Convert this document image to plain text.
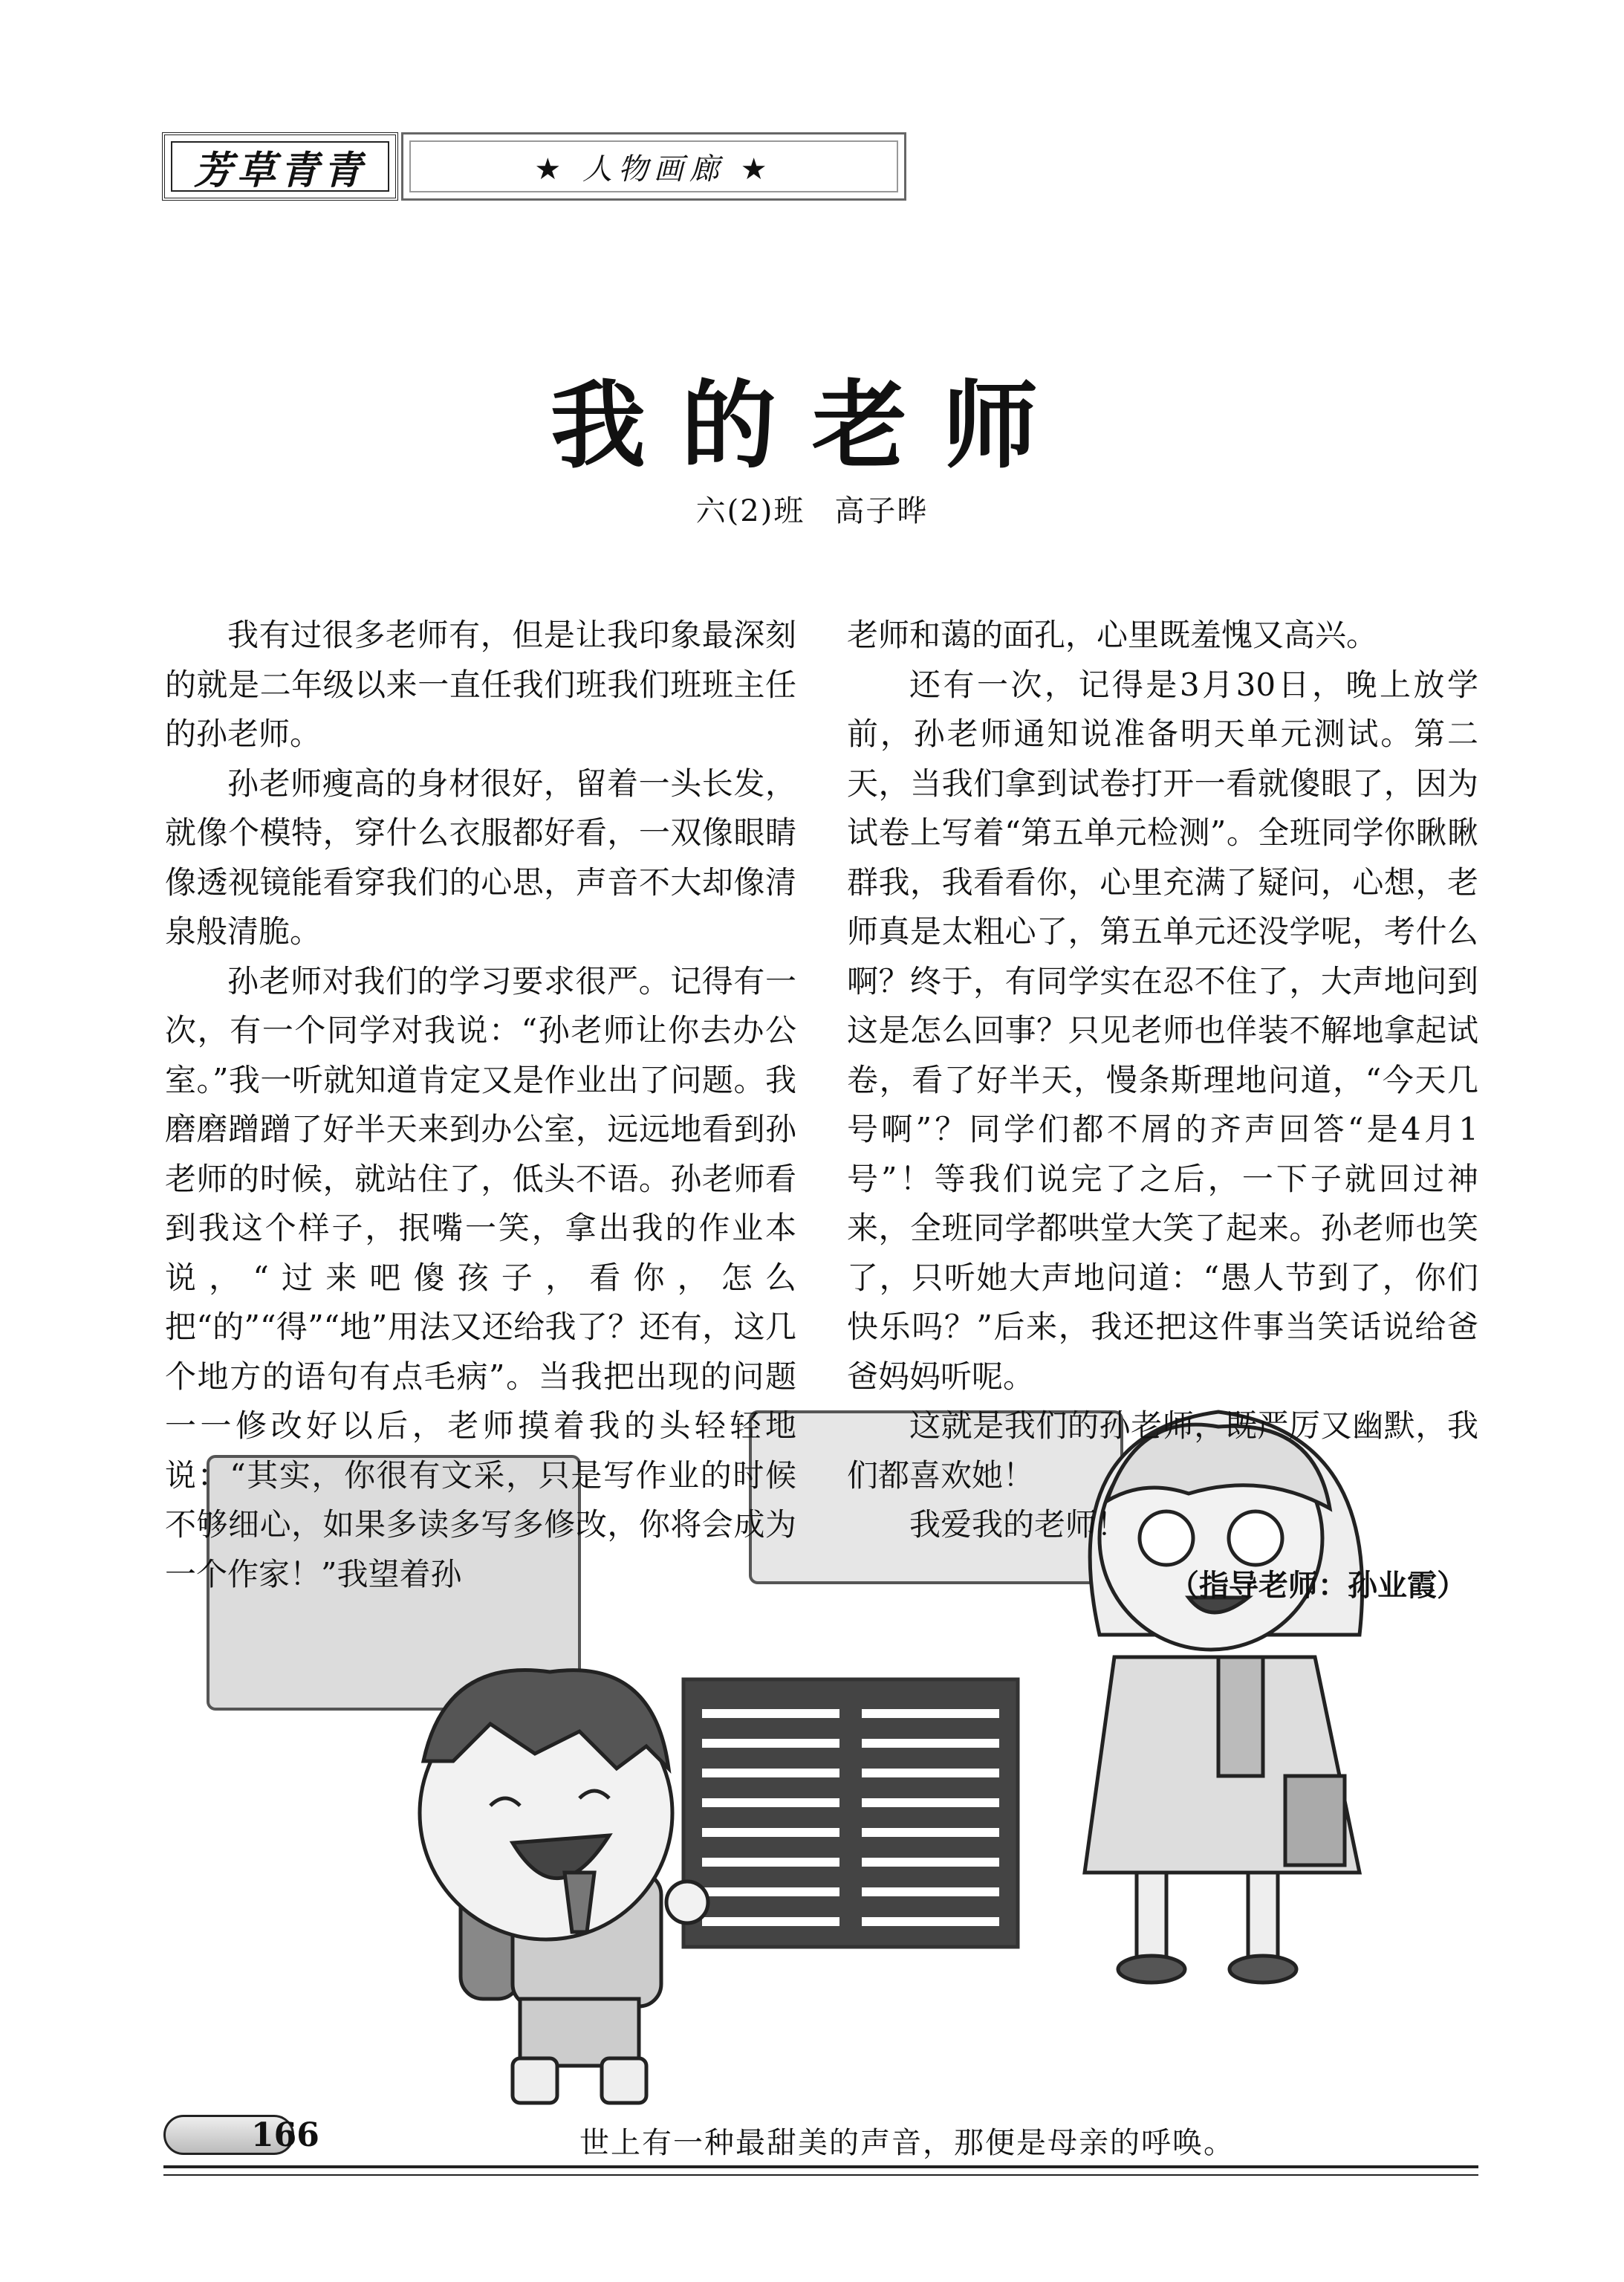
芳草青青	★ 人物画廊 ★
我的老师
六(2)班 高子晔

我有过很多老师有，但是让我印象最深刻的就是二年级以来一直任我们班我们班班主任的孙老师。

孙老师瘦高的身材很好，留着一头长发，就像个模特，穿什么衣服都好看，一双像眼睛像透视镜能看穿我们的心思，声音不大却像清泉般清脆。

孙老师对我们的学习要求很严。记得有一次，有一个同学对我说：“孙老师让你去办公室。”我一听就知道肯定又是作业出了问题。我磨磨蹭蹭了好半天来到办公室，远远地看到孙老师的时候，就站住了，低头不语。孙老师看到我这个样子，抿嘴一笑，拿出我的作业本说，“过来吧傻孩子，看你，怎么把“的”“得”“地”用法又还给我了？还有，这几个地方的语句有点毛病”。当我把出现的问题一一修改好以后，老师摸着我的头轻轻地说：“其实，你很有文采，只是写作业的时候不够细心，如果多读多写多修改，你将会成为一个作家！”我望着孙

老师和蔼的面孔，心里既羞愧又高兴。

还有一次，记得是3月30日，晚上放学前，孙老师通知说准备明天单元测试。第二天，当我们拿到试卷打开一看就傻眼了，因为试卷上写着“第五单元检测”。全班同学你瞅瞅群我，我看看你，心里充满了疑问，心想，老师真是太粗心了，第五单元还没学呢，考什么啊？终于，有同学实在忍不住了，大声地问到这是怎么回事？只见老师也佯装不解地拿起试卷，看了好半天，慢条斯理地问道，“今天几号啊”？同学们都不屑的齐声回答“是4月1号”！等我们说完了之后，一下子就回过神来，全班同学都哄堂大笑了起来。孙老师也笑了，只听她大声地问道：“愚人节到了，你们快乐吗？”后来，我还把这件事当笑话说给爸爸妈妈听呢。

这就是我们的孙老师，既严厉又幽默，我们都喜欢她！

我爱我的老师！

（指导老师：孙业霞）
166	世上有一种最甜美的声音，那便是母亲的呼唤。
